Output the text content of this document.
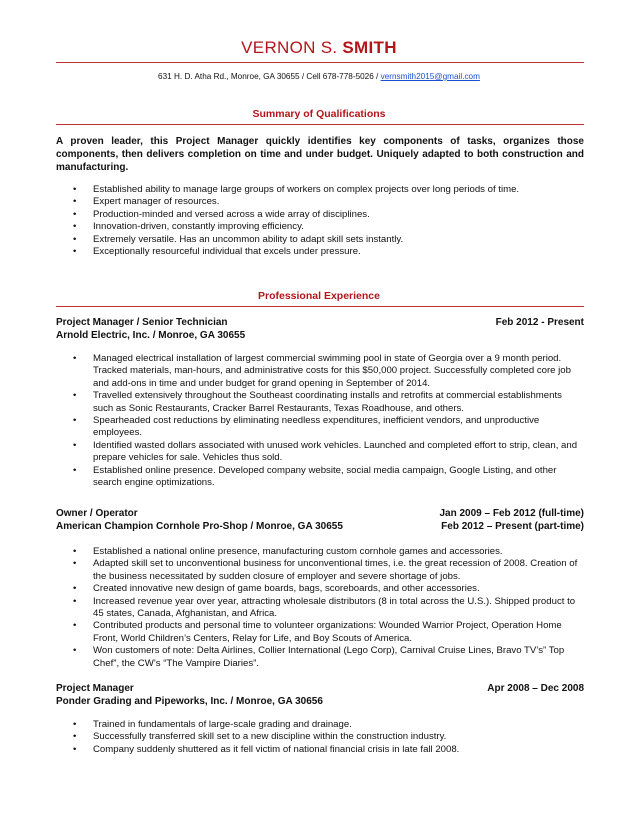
VERNON S. SMITH
631 H. D. Atha Rd., Monroe, GA 30655 / Cell 678-778-5026 / vernsmith2015@gmail.com
Summary of Qualifications
A proven leader, this Project Manager quickly identifies key components of tasks, organizes those components, then delivers completion on time and under budget. Uniquely adapted to both construction and manufacturing.
• Established ability to manage large groups of workers on complex projects over long periods of time.
• Expert manager of resources.
• Production-minded and versed across a wide array of disciplines.
• Innovation-driven, constantly improving efficiency.
• Extremely versatile. Has an uncommon ability to adapt skill sets instantly.
• Exceptionally resourceful individual that excels under pressure.
Professional Experience
Project Manager / Senior Technician	Feb 2012 - Present
Arnold Electric, Inc. / Monroe, GA 30655
• Managed electrical installation of largest commercial swimming pool in state of Georgia over a 9 month period. Tracked materials, man-hours, and administrative costs for this $50,000 project. Successfully completed core job and add-ons in time and under budget for grand opening in September of 2014.
• Travelled extensively throughout the Southeast coordinating installs and retrofits at commercial establishments such as Sonic Restaurants, Cracker Barrel Restaurants, Texas Roadhouse, and others.
• Spearheaded cost reductions by eliminating needless expenditures, inefficient vendors, and unproductive employees.
• Identified wasted dollars associated with unused work vehicles. Launched and completed effort to strip, clean, and prepare vehicles for sale. Vehicles thus sold.
• Established online presence. Developed company website, social media campaign, Google Listing, and other search engine optimizations.
Owner / Operator	Jan 2009 – Feb 2012 (full-time)
American Champion Cornhole Pro-Shop / Monroe, GA 30655	Feb 2012 – Present (part-time)
• Established a national online presence, manufacturing custom cornhole games and accessories.
• Adapted skill set to unconventional business for unconventional times, i.e. the great recession of 2008. Creation of the business necessitated by sudden closure of employer and severe shortage of jobs.
• Created innovative new design of game boards, bags, scoreboards, and other accessories.
• Increased revenue year over year, attracting wholesale distributors (8 in total across the U.S.). Shipped product to 45 states, Canada, Afghanistan, and Africa.
• Contributed products and personal time to volunteer organizations: Wounded Warrior Project, Operation Home Front, World Children’s Centers, Relay for Life, and Boy Scouts of America.
• Won customers of note: Delta Airlines, Collier International (Lego Corp), Carnival Cruise Lines, Bravo TV’s” Top Chef”, the CW’s “The Vampire Diaries”.
Project Manager	Apr 2008 – Dec 2008
Ponder Grading and Pipeworks, Inc. / Monroe, GA 30656
• Trained in fundamentals of large-scale grading and drainage.
• Successfully transferred skill set to a new discipline within the construction industry.
• Company suddenly shuttered as it fell victim of national financial crisis in late fall 2008.
